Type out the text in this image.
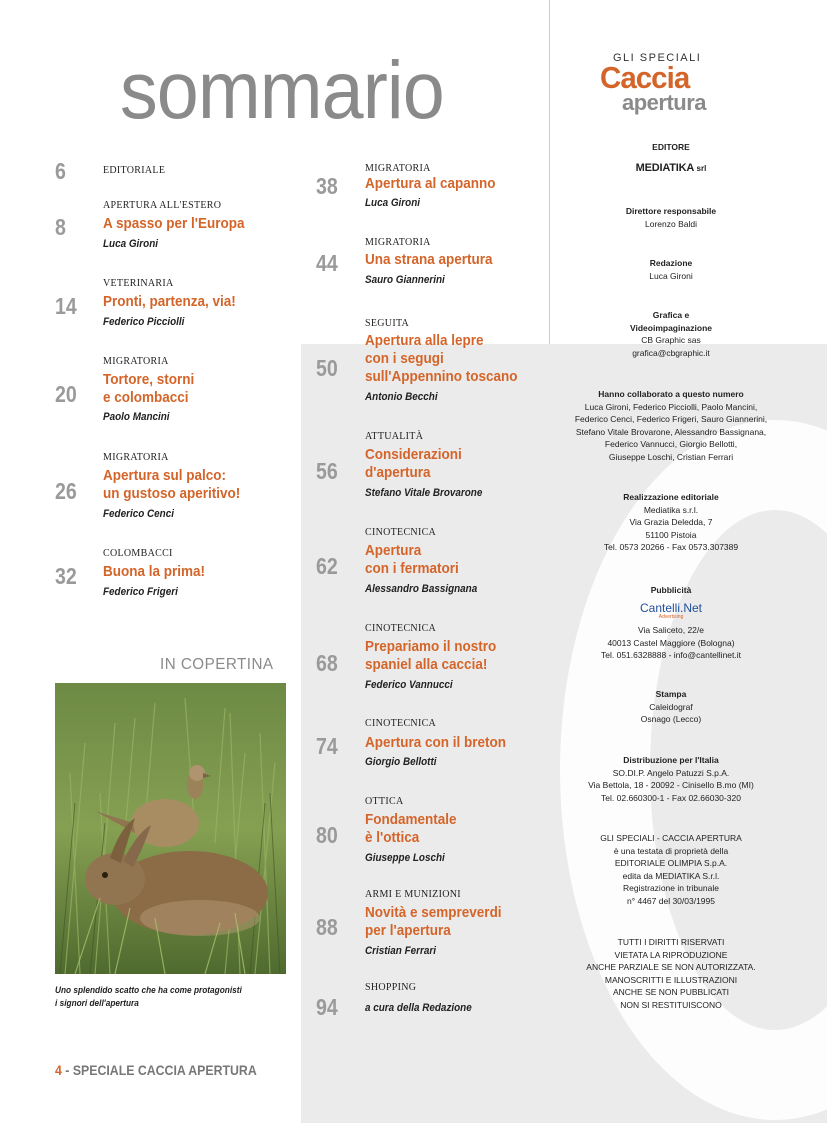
sommario
6	EDITORIALE
8
APERTURA ALL'ESTERO
A spasso per l'Europa
Luca Gironi
14
VETERINARIA
Pronti, partenza, via!
Federico Picciolli
20
MIGRATORIA
Tortore, storni
e colombacci
Paolo Mancini
26
MIGRATORIA
Apertura sul palco:
un gustoso aperitivo!
Federico Cenci
32
COLOMBACCI
Buona la prima!
Federico Frigeri
38
MIGRATORIA
Apertura al capanno
Luca Gironi
44
MIGRATORIA
Una strana apertura
Sauro Giannerini
50
SEGUITA
Apertura alla lepre
con i segugi
sull'Appennino toscano
Antonio Becchi
56
ATTUALITÀ
Considerazioni
d'apertura
Stefano Vitale Brovarone
62
CINOTECNICA
Apertura
con i fermatori
Alessandro Bassignana
68
CINOTECNICA
Prepariamo il nostro
spaniel alla caccia!
Federico Vannucci
74
CINOTECNICA
Apertura con il breton
Giorgio Bellotti
80
OTTICA
Fondamentale
è l'ottica
Giuseppe Loschi
88
ARMI E MUNIZIONI
Novità e sempreverdi
per l'apertura
Cristian Ferrari
94
SHOPPING
a cura della Redazione
IN COPERTINA
Uno splendido scatto che ha come protagonisti
i signori dell'apertura
4 - SPECIALE CACCIA APERTURA
GLI SPECIALI
Caccia
apertura
EDITORE
MEDIATIKA srl
Direttore responsabile
Lorenzo Baldi
Redazione
Luca Gironi
Grafica e
Videoimpaginazione
CB Graphic sas
grafica@cbgraphic.it
Hanno collaborato a questo numero
Luca Gironi, Federico Picciolli, Paolo Mancini,
Federico Cenci, Federico Frigeri, Sauro Giannerini,
Stefano Vitale Brovarone, Alessandro Bassignana,
Federico Vannucci, Giorgio Bellotti,
Giuseppe Loschi, Cristian Ferrari
Realizzazione editoriale
Mediatika s.r.l.
Via Grazia Deledda, 7
51100 Pistoia
Tel. 0573 20266 - Fax 0573.307389
Pubblicità
Cantelli.Net
Advertising
Via Saliceto, 22/e
40013 Castel Maggiore (Bologna)
Tel. 051.6328888 - info@cantellinet.it
Stampa
Caleidograf
Osnago (Lecco)
Distribuzione per l'Italia
SO.DI.P. Angelo Patuzzi S.p.A.
Via Bettola, 18 - 20092 - Cinisello B.mo (MI)
Tel. 02.660300-1 - Fax 02.66030-320
GLI SPECIALI - CACCIA APERTURA
è una testata di proprietà della
EDITORIALE OLIMPIA S.p.A.
edita da MEDIATIKA S.r.l.
Registrazione in tribunale
n° 4467 del 30/03/1995
TUTTI I DIRITTI RISERVATI
VIETATA LA RIPRODUZIONE
ANCHE PARZIALE SE NON AUTORIZZATA.
MANOSCRITTI E ILLUSTRAZIONI
ANCHE SE NON PUBBLICATI
NON SI RESTITUISCONO
